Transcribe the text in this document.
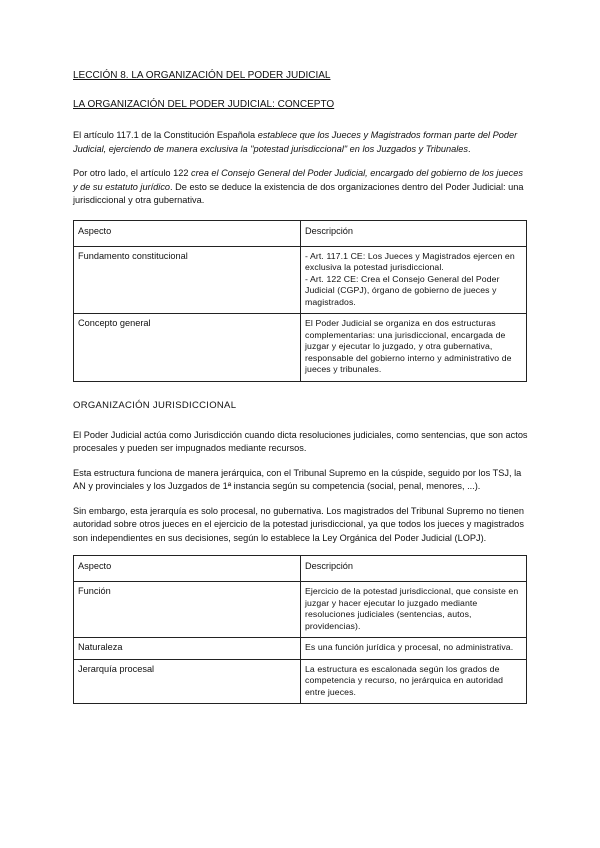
LECCIÓN 8. LA ORGANIZACIÓN DEL PODER JUDICIAL
LA ORGANIZACIÓN DEL PODER JUDICIAL: CONCEPTO

El artículo 117.1 de la Constitución Española establece que los Jueces y Magistrados forman parte del Poder Judicial, ejerciendo de manera exclusiva la "potestad jurisdiccional" en los Juzgados y Tribunales.

Por otro lado, el artículo 122 crea el Consejo General del Poder Judicial, encargado del gobierno de los jueces y de su estatuto jurídico. De esto se deduce la existencia de dos organizaciones dentro del Poder Judicial: una jurisdiccional y otra gubernativa.

Aspecto	Descripción
Fundamento constitucional	- Art. 117.1 CE: Los Jueces y Magistrados ejercen en exclusiva la potestad jurisdiccional.
- Art. 122 CE: Crea el Consejo General del Poder Judicial (CGPJ), órgano de gobierno de jueces y magistrados.

Concepto general	El Poder Judicial se organiza en dos estructuras complementarias: una jurisdiccional, encargada de juzgar y ejecutar lo juzgado, y otra gubernativa, responsable del gobierno interno y administrativo de jueces y tribunales.
ORGANIZACIÓN JURISDICCIONAL

El Poder Judicial actúa como Jurisdicción cuando dicta resoluciones judiciales, como sentencias, que son actos procesales y pueden ser impugnados mediante recursos.

Esta estructura funciona de manera jerárquica, con el Tribunal Supremo en la cúspide, seguido por los TSJ, la AN y provinciales y los Juzgados de 1ª instancia según su competencia (social, penal, menores, ...).

Sin embargo, esta jerarquía es solo procesal, no gubernativa. Los magistrados del Tribunal Supremo no tienen autoridad sobre otros jueces en el ejercicio de la potestad jurisdiccional, ya que todos los jueces y magistrados son independientes en sus decisiones, según lo establece la Ley Orgánica del Poder Judicial (LOPJ).

Aspecto	Descripción
Función	Ejercicio de la potestad jurisdiccional, que consiste en juzgar y hacer ejecutar lo juzgado mediante resoluciones judiciales (sentencias, autos, providencias).
Naturaleza	Es una función jurídica y procesal, no administrativa.
Jerarquía procesal	La estructura es escalonada según los grados de competencia y recurso, no jerárquica en autoridad entre jueces.
